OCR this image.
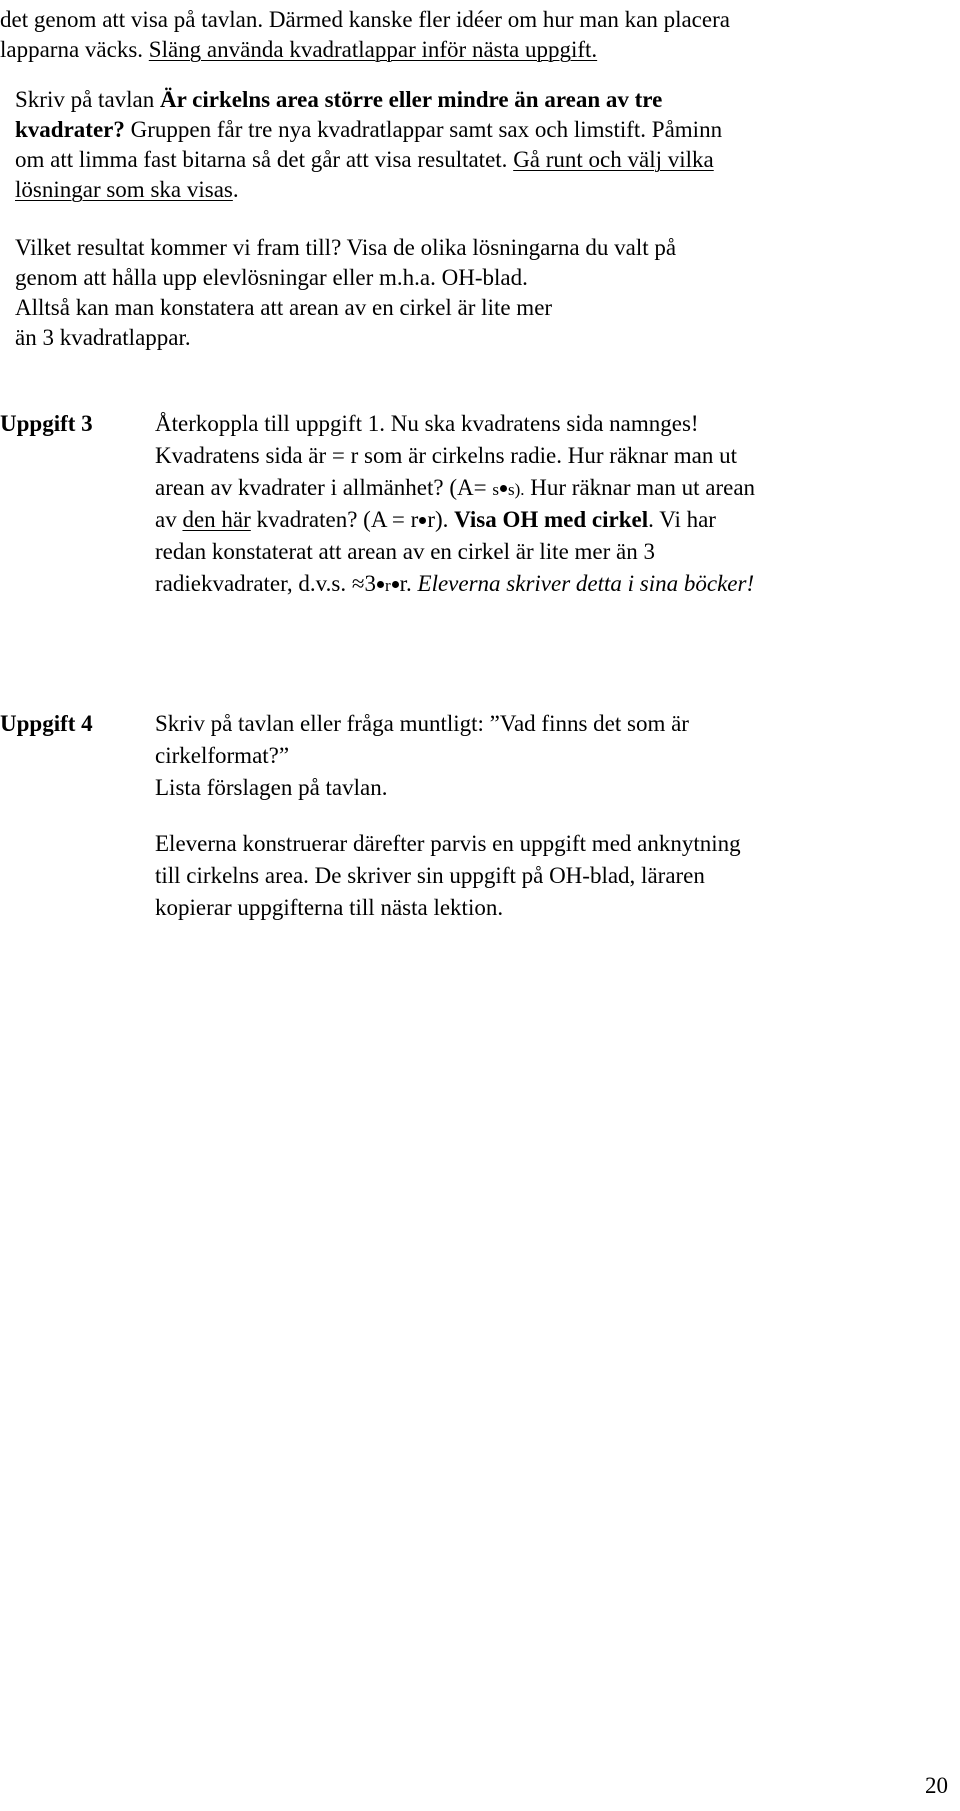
det genom att visa på tavlan. Därmed kanske fler idéer om hur man kan placera
lapparna väcks. Släng använda kvadratlappar inför nästa uppgift.
Skriv på tavlan Är cirkelns area större eller mindre än arean av tre
kvadrater? Gruppen får tre nya kvadratlappar samt sax och limstift. Påminn
om att limma fast bitarna så det går att visa resultatet. Gå runt och välj vilka
lösningar som ska visas.
Vilket resultat kommer vi fram till? Visa de olika lösningarna du valt på
genom att hålla upp elevlösningar eller m.h.a. OH-blad.
Alltså kan man konstatera att arean av en cirkel är lite mer
än 3 kvadratlappar.
Uppgift 3	Återkoppla till uppgift 1. Nu ska kvadratens sida namnges!
Kvadratens sida är = r som är cirkelns radie. Hur räknar man ut
arean av kvadrater i allmänhet? (A= s s). Hur räknar man ut arean
av den här kvadraten? (A = r r). Visa OH med cirkel. Vi har
redan konstaterat att arean av en cirkel är lite mer än 3
radiekvadrater, d.v.s. ≈3 r r. Eleverna skriver detta i sina böcker!
Uppgift 4	Skriv på tavlan eller fråga muntligt: ”Vad finns det som är
cirkelformat?”
Lista förslagen på tavlan.
Eleverna konstruerar därefter parvis en uppgift med anknytning
till cirkelns area. De skriver sin uppgift på OH-blad, läraren
kopierar uppgifterna till nästa lektion.
20
